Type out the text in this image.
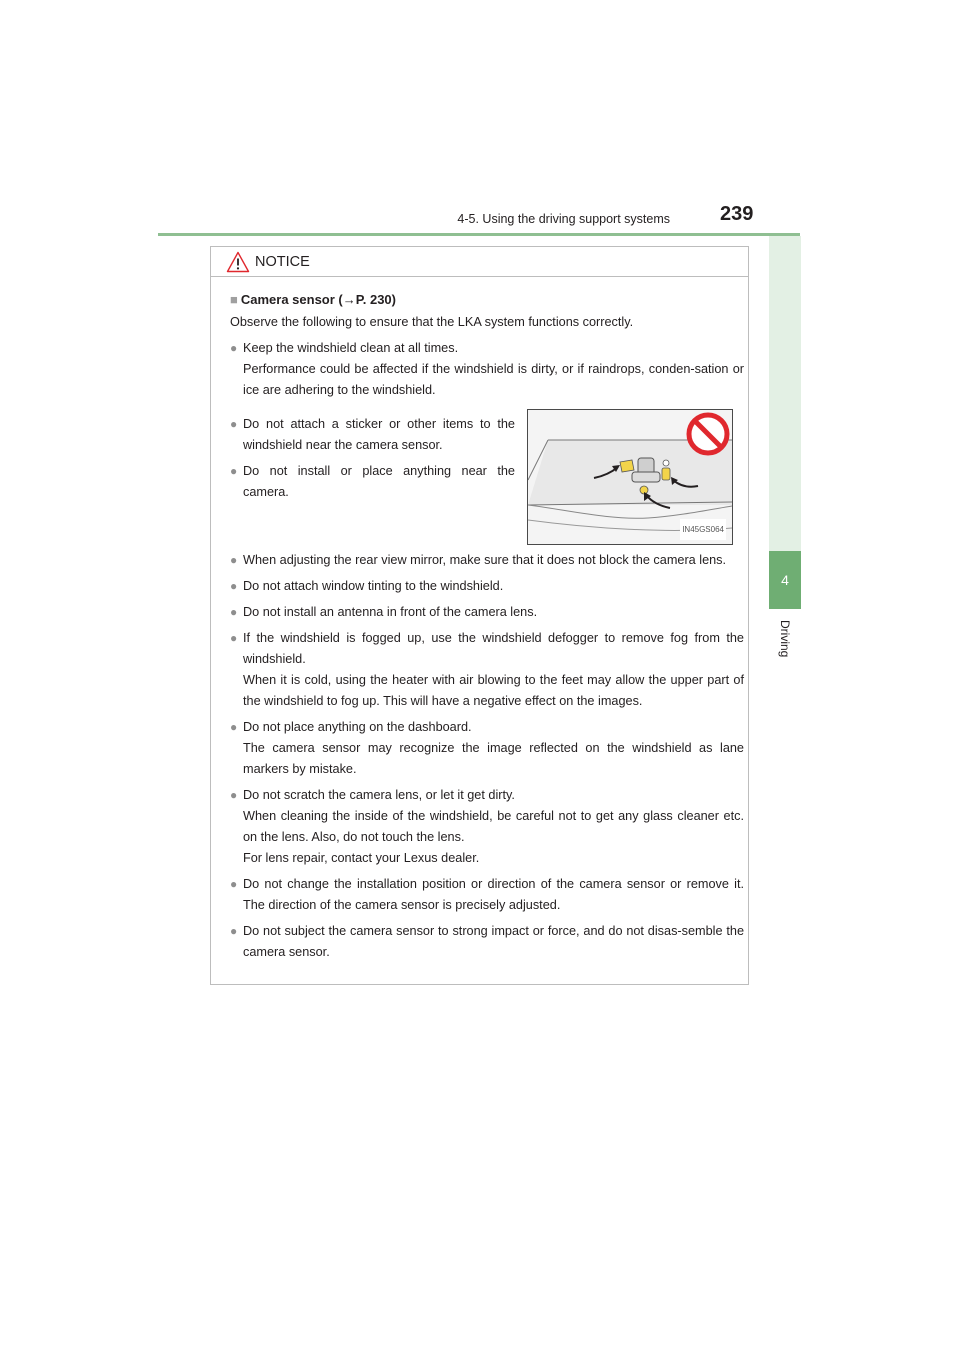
4-5. Using the driving support systems	239
4
Driving
NOTICE
■ Camera sensor (→P. 230)
Observe the following to ensure that the LKA system functions correctly.
● Keep the windshield clean at all times.
Performance could be affected if the windshield is dirty, or if raindrops, conden-sation or ice are adhering to the windshield.
● Do not attach a sticker or other items to the windshield near the camera sensor.
● Do not install or place anything near the camera.
IN45GS064
● When adjusting the rear view mirror, make sure that it does not block the camera lens.
● Do not attach window tinting to the windshield.
● Do not install an antenna in front of the camera lens.
● If the windshield is fogged up, use the windshield defogger to remove fog from the windshield.
When it is cold, using the heater with air blowing to the feet may allow the upper part of the windshield to fog up. This will have a negative effect on the images.
● Do not place anything on the dashboard.
The camera sensor may recognize the image reflected on the windshield as lane markers by mistake.
● Do not scratch the camera lens, or let it get dirty.
When cleaning the inside of the windshield, be careful not to get any glass cleaner etc. on the lens. Also, do not touch the lens.
For lens repair, contact your Lexus dealer.
● Do not change the installation position or direction of the camera sensor or remove it. The direction of the camera sensor is precisely adjusted.
● Do not subject the camera sensor to strong impact or force, and do not disas-semble the camera sensor.
